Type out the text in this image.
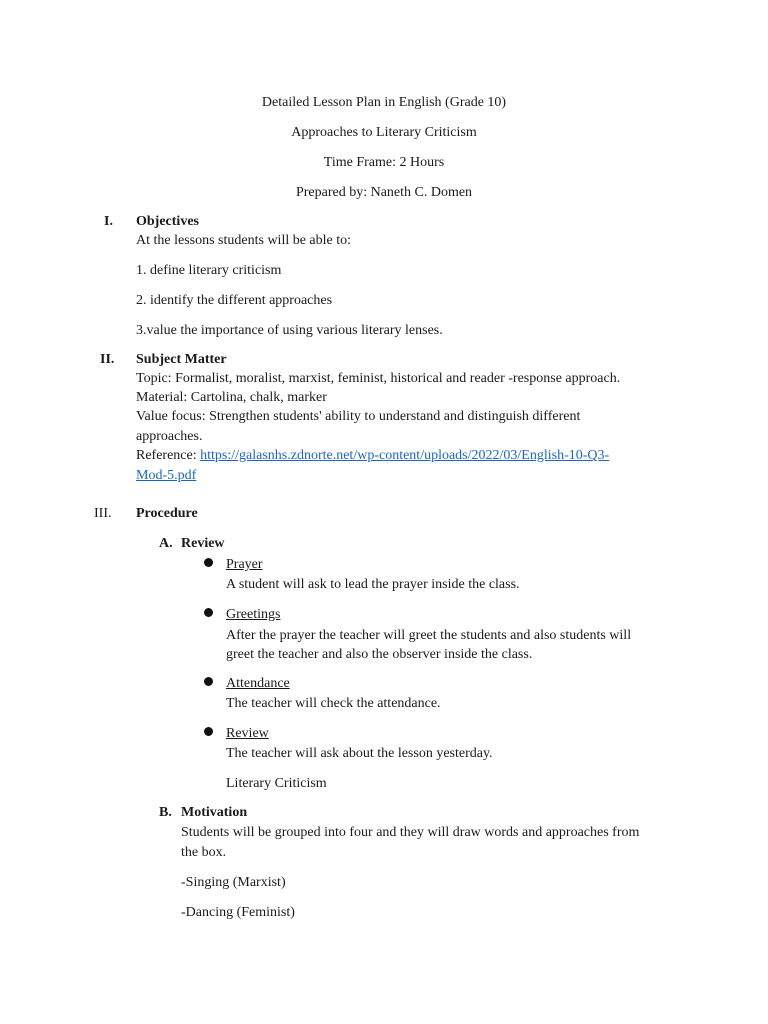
Detailed Lesson Plan in English (Grade 10)
Approaches to Literary Criticism
Time Frame: 2 Hours
Prepared by: Naneth C. Domen
I. Objectives
At the lessons students will be able to:
1. define literary criticism
2. identify the different approaches
3.value the importance of using various literary lenses.
II. Subject Matter
Topic: Formalist, moralist, marxist, feminist, historical and reader -response approach.
Material: Cartolina, chalk, marker
Value focus: Strengthen students' ability to understand and distinguish different
approaches.
Reference: https://galasnhs.zdnorte.net/wp-content/uploads/2022/03/English-10-Q3-
Mod-5.pdf
III. Procedure
A. Review
Prayer
A student will ask to lead the prayer inside the class.
Greetings
After the prayer the teacher will greet the students and also students will
greet the teacher and also the observer inside the class.
Attendance
The teacher will check the attendance.
Review
The teacher will ask about the lesson yesterday.
Literary Criticism
B. Motivation
Students will be grouped into four and they will draw words and approaches from
the box.
-Singing (Marxist)
-Dancing (Feminist)
